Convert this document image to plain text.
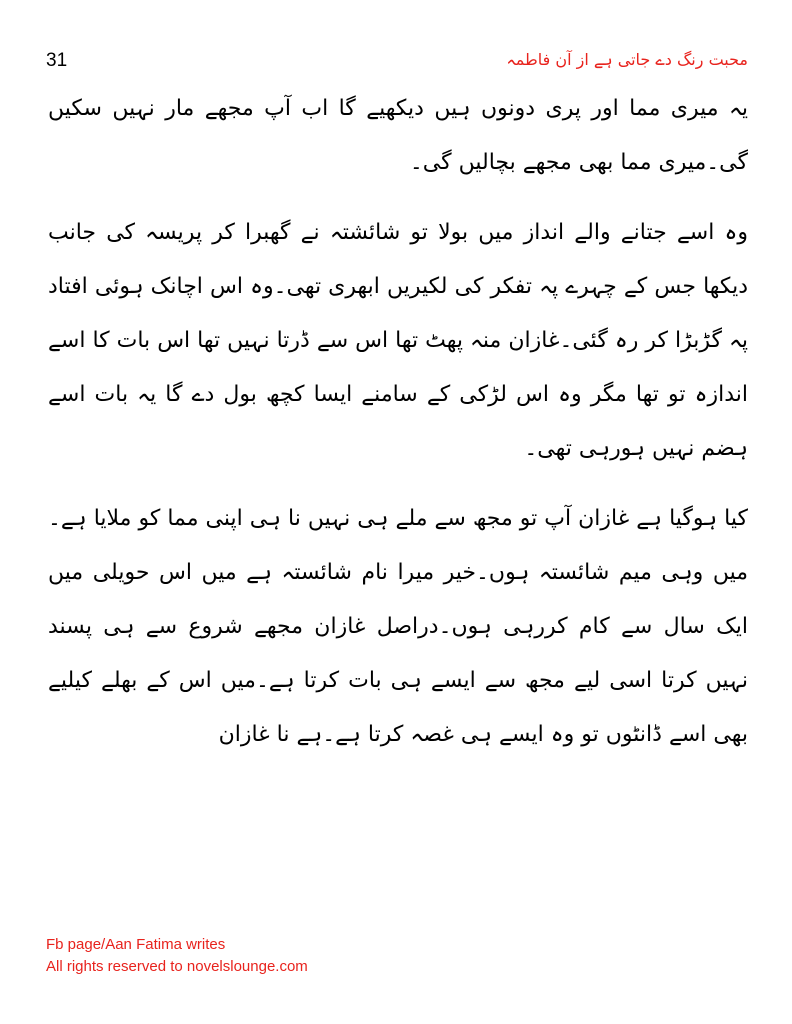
31	محبت رنگ دے جاتی ہے از آن فاطمہ

یہ میری مما اور پری دونوں ہیں دیکھیے گا اب آپ مجھے مار نہیں سکیں گی۔میری مما بھی مجھے بچالیں گی۔

وہ اسے جتانے والے انداز میں بولا تو شائشتہ نے گھبرا کر پریسہ کی جانب دیکھا جس کے چہرے پہ تفکر کی لکیریں ابھری تھی۔وہ اس اچانک ہوئی افتاد پہ گڑبڑا کر رہ گئی۔غازان منہ پھٹ تھا اس سے ڈرتا نہیں تھا اس بات کا اسے اندازہ تو تھا مگر وہ اس لڑکی کے سامنے ایسا کچھ بول دے گا یہ بات اسے ہضم نہیں ہورہی تھی۔

کیا ہوگیا ہے غازان آپ تو مجھ سے ملے ہی نہیں نا ہی اپنی مما کو ملایا ہے۔میں وہی میم شائستہ ہوں۔خیر میرا نام شائستہ ہے میں اس حویلی میں ایک سال سے کام کررہی ہوں۔دراصل غازان مجھے شروع سے ہی پسند نہیں کرتا اسی لیے مجھ سے ایسے ہی بات کرتا ہے۔میں اس کے بھلے کیلیے بھی اسے ڈانٹوں تو وہ ایسے ہی غصہ کرتا ہے۔ہے نا غازان

Fb page/Aan Fatima writes
All rights reserved to novelslounge.com
